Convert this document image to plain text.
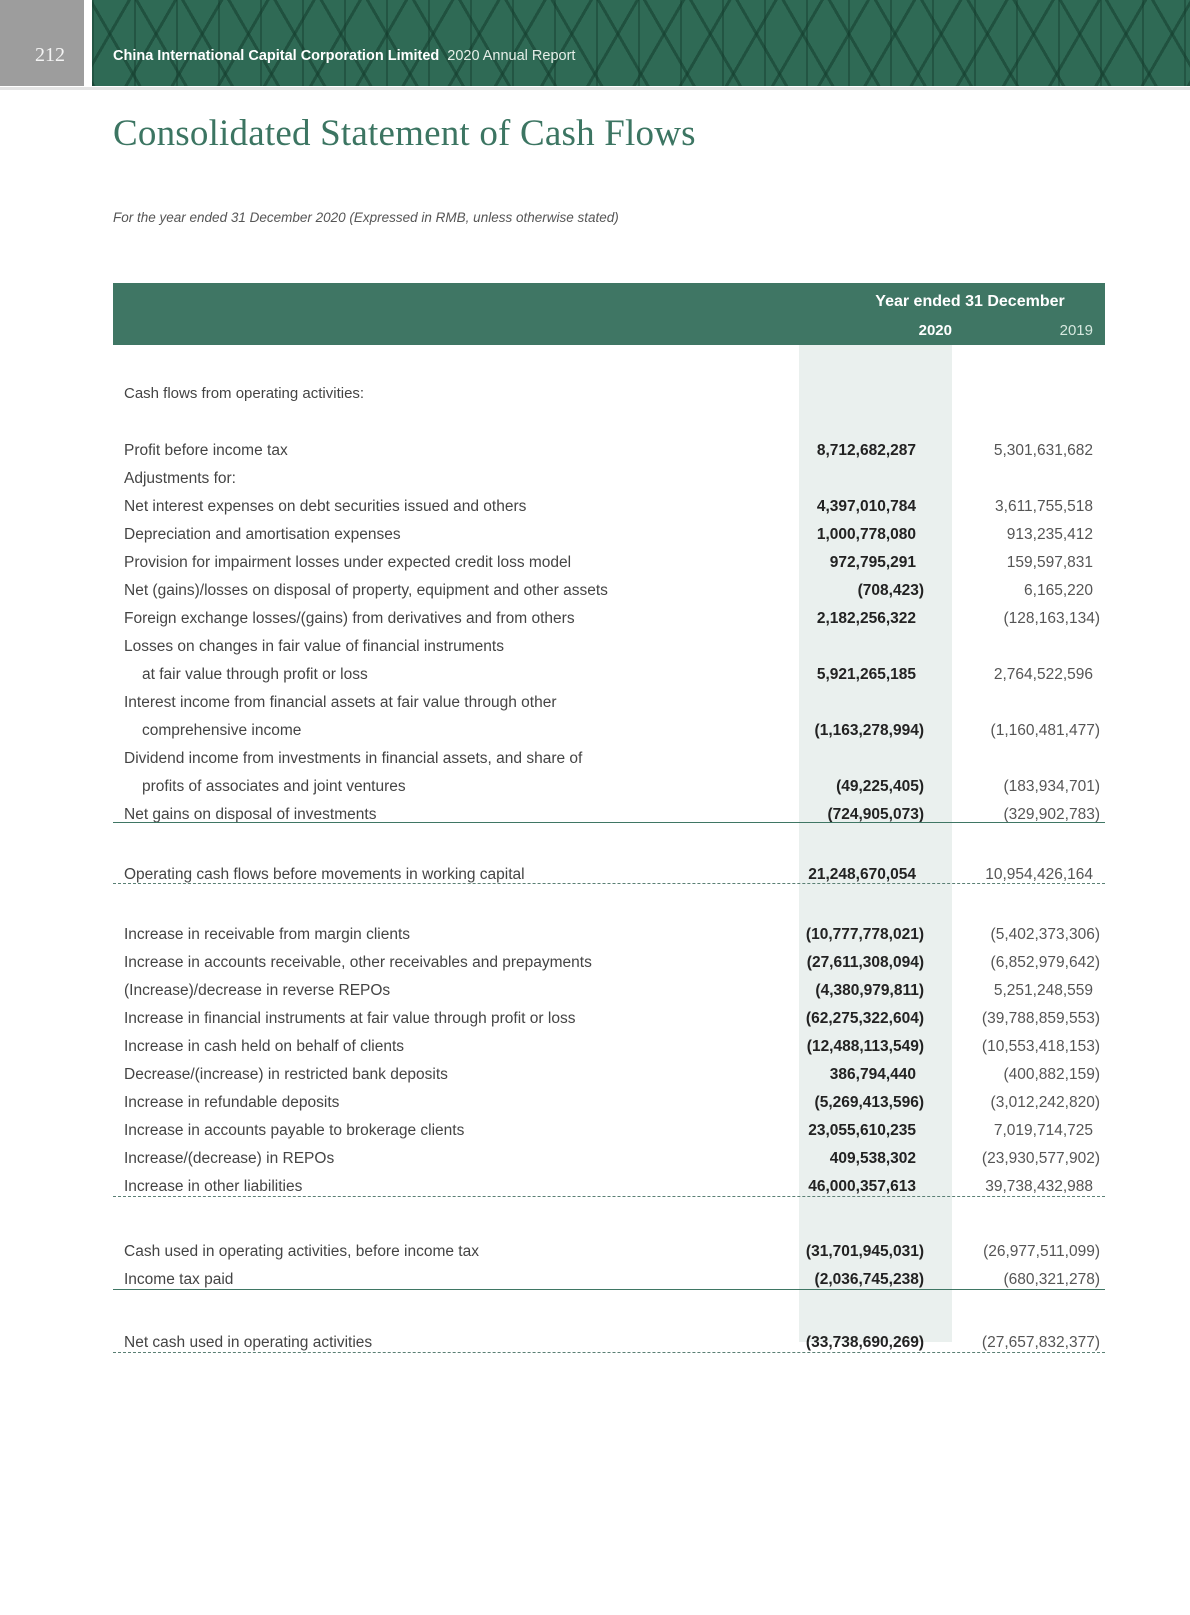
212	China International Capital Corporation Limited 2020 Annual Report
Consolidated Statement of Cash Flows
For the year ended 31 December 2020 (Expressed in RMB, unless otherwise stated)
Year ended 31 December
2020	2019
Cash flows from operating activities:
Profit before income tax	8,712,682,287	5,301,631,682
Adjustments for:
Net interest expenses on debt securities issued and others	4,397,010,784	3,611,755,518
Depreciation and amortisation expenses	1,000,778,080	913,235,412
Provision for impairment losses under expected credit loss model	972,795,291	159,597,831
Net (gains)/losses on disposal of property, equipment and other assets	(708,423)	6,165,220
Foreign exchange losses/(gains) from derivatives and from others	2,182,256,322	(128,163,134)
Losses on changes in fair value of financial instruments
at fair value through profit or loss	5,921,265,185	2,764,522,596
Interest income from financial assets at fair value through other
comprehensive income	(1,163,278,994)	(1,160,481,477)
Dividend income from investments in financial assets, and share of
profits of associates and joint ventures	(49,225,405)	(183,934,701)
Net gains on disposal of investments	(724,905,073)	(329,902,783)
Operating cash flows before movements in working capital	21,248,670,054	10,954,426,164
Increase in receivable from margin clients	(10,777,778,021)	(5,402,373,306)
Increase in accounts receivable, other receivables and prepayments	(27,611,308,094)	(6,852,979,642)
(Increase)/decrease in reverse REPOs	(4,380,979,811)	5,251,248,559
Increase in financial instruments at fair value through profit or loss	(62,275,322,604)	(39,788,859,553)
Increase in cash held on behalf of clients	(12,488,113,549)	(10,553,418,153)
Decrease/(increase) in restricted bank deposits	386,794,440	(400,882,159)
Increase in refundable deposits	(5,269,413,596)	(3,012,242,820)
Increase in accounts payable to brokerage clients	23,055,610,235	7,019,714,725
Increase/(decrease) in REPOs	409,538,302	(23,930,577,902)
Increase in other liabilities	46,000,357,613	39,738,432,988
Cash used in operating activities, before income tax	(31,701,945,031)	(26,977,511,099)
Income tax paid	(2,036,745,238)	(680,321,278)
Net cash used in operating activities	(33,738,690,269)	(27,657,832,377)
